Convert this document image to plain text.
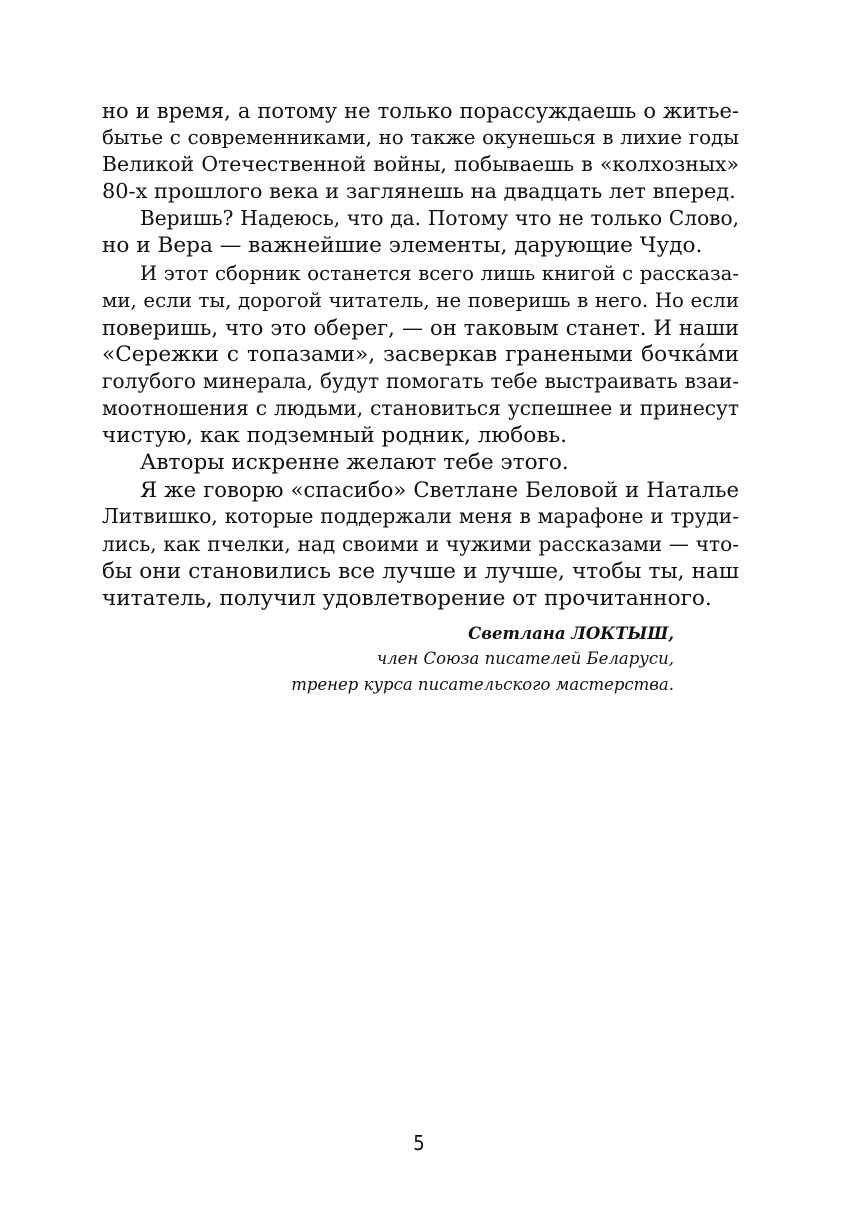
но и время, а потому не только порассуждаешь о житье-
бытье с современниками, но также окунешься в лихие годы
Великой Отечественной войны, побываешь в «колхозных»
80-х прошлого века и заглянешь на двадцать лет вперед.
Веришь? Надеюсь, что да. Потому что не только Слово,
но и Вера — важнейшие элементы, дарующие Чудо.
И этот сборник останется всего лишь книгой с рассказа-
ми, если ты, дорогой читатель, не поверишь в него. Но если
поверишь, что это оберег, — он таковым станет. И наши
«Сережки с топазами», засверкав гранеными бочка́ми
голубого минерала, будут помогать тебе выстраивать взаи-
моотношения с людьми, становиться успешнее и принесут
чистую, как подземный родник, любовь.
Авторы искренне желают тебе этого.
Я же говорю «спасибо» Светлане Беловой и Наталье
Литвишко, которые поддержали меня в марафоне и труди-
лись, как пчелки, над своими и чужими рассказами — что-
бы они становились все лучше и лучше, чтобы ты, наш
читатель, получил удовлетворение от прочитанного.
Светлана ЛОКТЫШ,
член Союза писателей Беларуси,
тренер курса писательского мастерства.
5
